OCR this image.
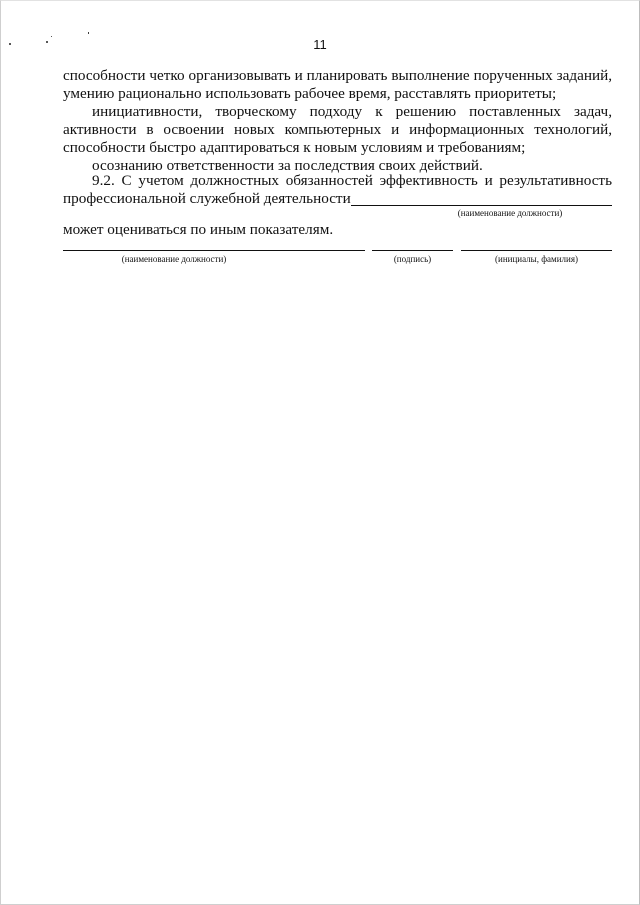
11
способности четко организовывать и планировать выполнение порученных заданий, умению рационально использовать рабочее время, расставлять приоритеты;
инициативности, творческому подходу к решению поставленных задач, активности в освоении новых компьютерных и информационных технологий, способности быстро адаптироваться к новым условиям и требованиям;
осознанию ответственности за последствия своих действий.
9.2. С учетом должностных обязанностей эффективность и результативность
профессиональной служебной деятельности
(наименование должности)
может оцениваться по иным показателям.
(наименование должности)	(подпись)	(инициалы, фамилия)
